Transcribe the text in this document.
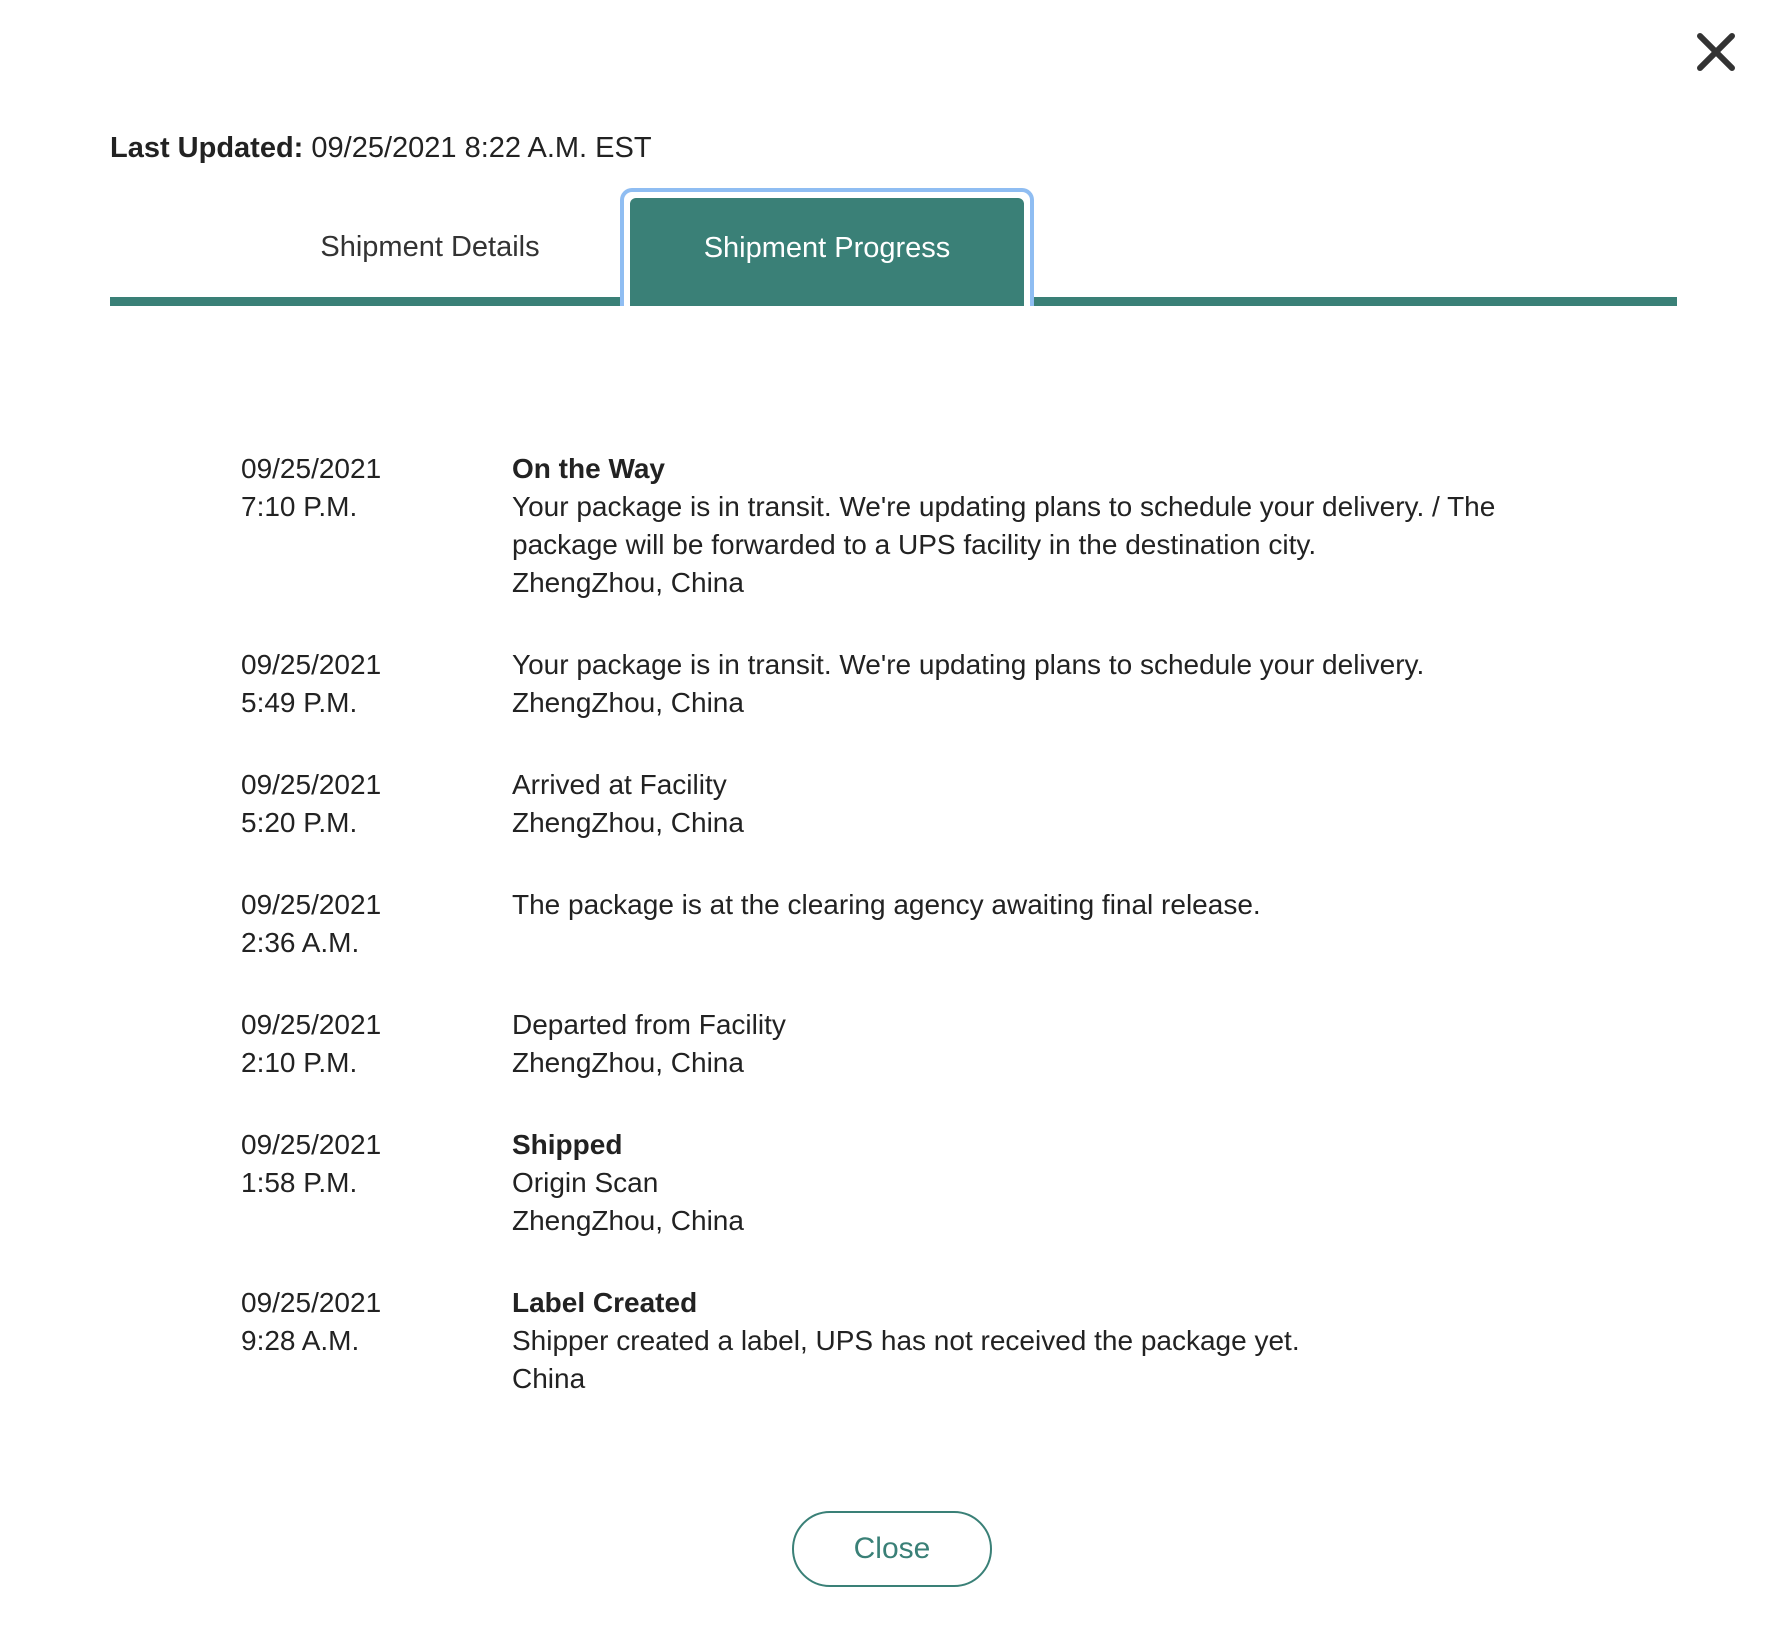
Last Updated: 09/25/2021 8:22 A.M. EST
Shipment Details	Shipment Progress
09/25/2021
7:10 P.M.
On the Way
Your package is in transit. We're updating plans to schedule your delivery. / The package will be forwarded to a UPS facility in the destination city.
ZhengZhou, China
09/25/2021
5:49 P.M.
Your package is in transit. We're updating plans to schedule your delivery.
ZhengZhou, China
09/25/2021
5:20 P.M.
Arrived at Facility
ZhengZhou, China
09/25/2021
2:36 A.M.
The package is at the clearing agency awaiting final release.
09/25/2021
2:10 P.M.
Departed from Facility
ZhengZhou, China
09/25/2021
1:58 P.M.
Shipped
Origin Scan
ZhengZhou, China
09/25/2021
9:28 A.M.
Label Created
Shipper created a label, UPS has not received the package yet.
China
Close
